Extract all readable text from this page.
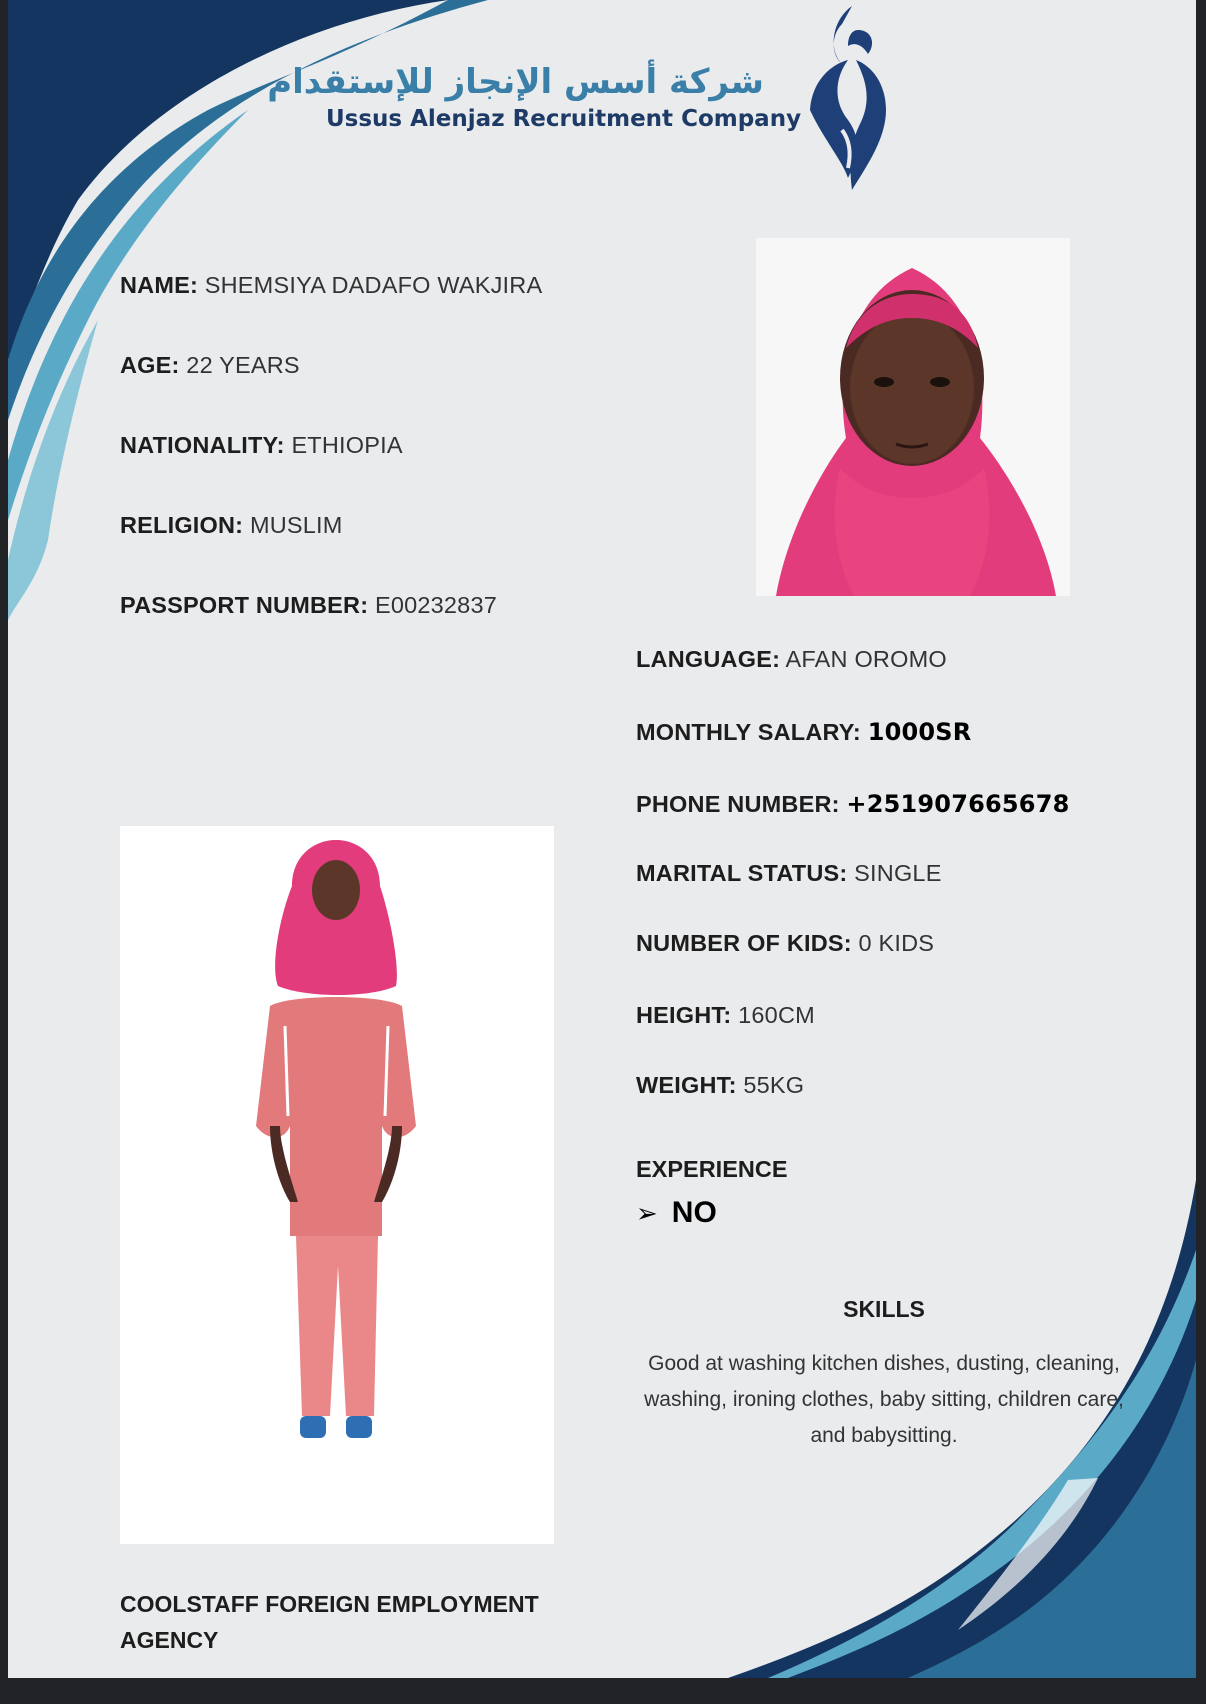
شركة أسس الإنجاز للإستقدام
Ussus Alenjaz Recruitment Company
NAME: SHEMSIYA DADAFO WAKJIRA
AGE: 22 YEARS
NATIONALITY: ETHIOPIA
RELIGION: MUSLIM
PASSPORT NUMBER: E00232837
LANGUAGE: AFAN OROMO
MONTHLY SALARY: 1000SR
PHONE NUMBER: +251907665678
MARITAL STATUS: SINGLE
NUMBER OF KIDS: 0 KIDS
HEIGHT: 160CM
WEIGHT: 55KG
EXPERIENCE
➢ NO
SKILLS
Good at washing kitchen dishes, dusting, cleaning, washing, ironing clothes, baby sitting, children care, and babysitting.
COOLSTAFF FOREIGN EMPLOYMENT AGENCY
